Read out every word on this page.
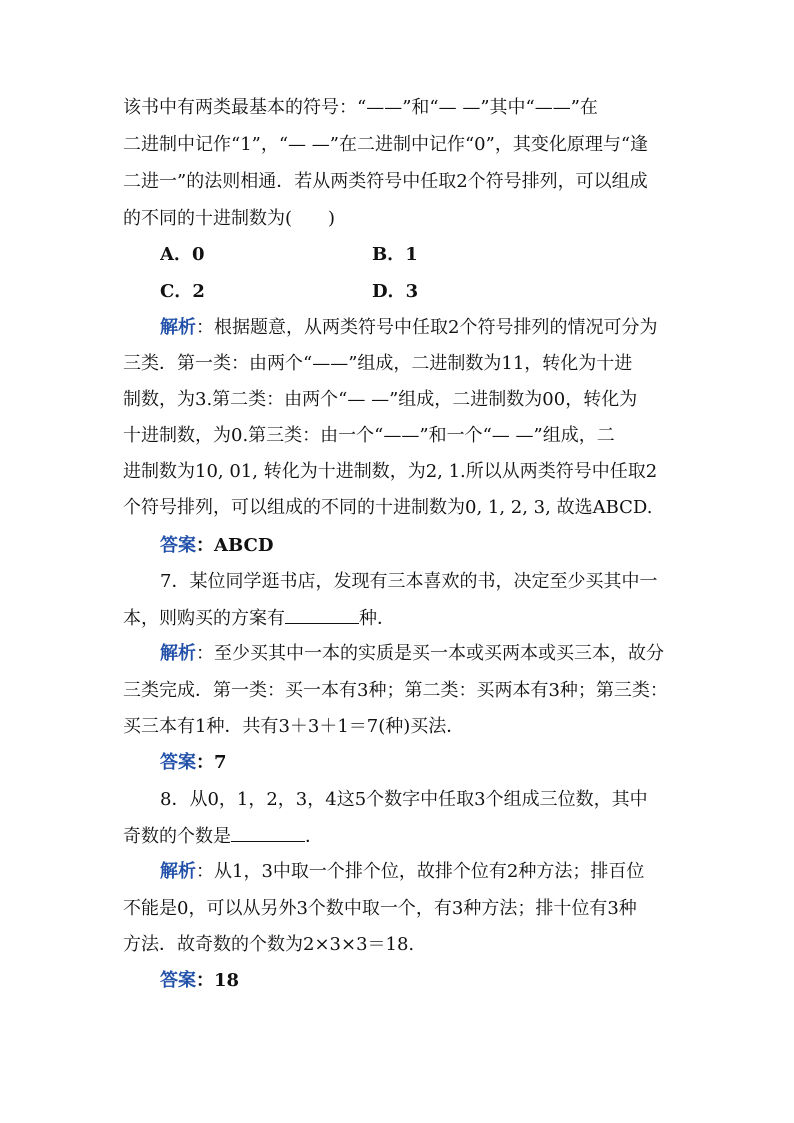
该书中有两类最基本的符号：“——”和“— —”其中“——”在
二进制中记作“1”，“— —”在二进制中记作“0”，其变化原理与“逢
二进一”的法则相通．若从两类符号中任取2个符号排列，可以组成
的不同的十进制数为(　　)
A．0	B．1
C．2	D．3
解析：根据题意，从两类符号中任取2个符号排列的情况可分为
三类．第一类：由两个“——”组成，二进制数为11，转化为十进
制数，为3.第二类：由两个“— —”组成，二进制数为00，转化为
十进制数，为0.第三类：由一个“——”和一个“— —”组成，二
进制数为10, 01, 转化为十进制数，为2, 1.所以从两类符号中任取2
个符号排列，可以组成的不同的十进制数为0, 1, 2, 3, 故选ABCD.
答案：ABCD
7．某位同学逛书店，发现有三本喜欢的书，决定至少买其中一
本，则购买的方案有	种．
解析：至少买其中一本的实质是买一本或买两本或买三本，故分
三类完成．第一类：买一本有3种；第二类：买两本有3种；第三类：
买三本有1种．共有3＋3＋1＝7(种)买法．
答案：7
8．从0，1，2，3，4这5个数字中任取3个组成三位数，其中
奇数的个数是	．
解析：从1，3中取一个排个位，故排个位有2种方法；排百位
不能是0，可以从另外3个数中取一个，有3种方法；排十位有3种
方法．故奇数的个数为2×3×3＝18.
答案：18
